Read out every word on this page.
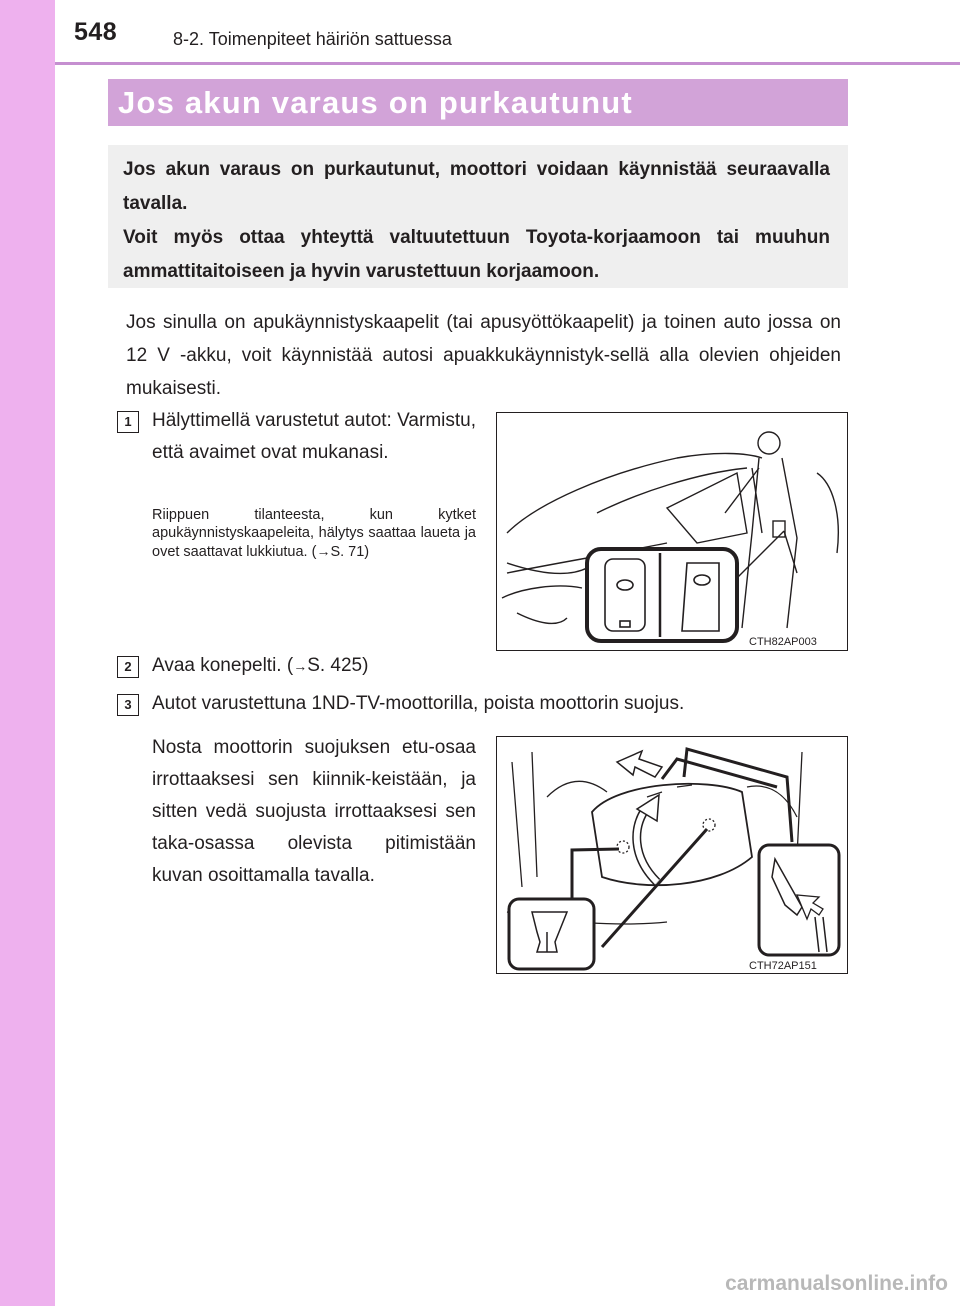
548	8-2. Toimenpiteet häiriön sattuessa
Jos akun varaus on purkautunut

Jos akun varaus on purkautunut, moottori voidaan käynnistää seuraavalla tavalla.

Voit myös ottaa yhteyttä valtuutettuun Toyota-korjaamoon tai muuhun ammattitaitoiseen ja hyvin varustettuun korjaamoon.

Jos sinulla on apukäynnistyskaapelit (tai apusyöttökaapelit) ja toinen auto jossa on 12 V -akku, voit käynnistää autosi apuakkukäynnistyk-sellä alla olevien ohjeiden mukaisesti.

1	Hälyttimellä varustetut autot: Varmistu, että avaimet ovat mukanasi.

Riippuen tilanteesta, kun kytket apukäynnistyskaapeleita, hälytys saattaa laueta ja ovet saattavat lukkiutua. (→S. 71)

CTH82AP003
2	Avaa konepelti. (→S. 425)
3	Autot varustettuna 1ND-TV-moottorilla, poista moottorin suojus.

Nosta moottorin suojuksen etu-osaa irrottaaksesi sen kiinnik-keistään, ja sitten vedä suojusta irrottaaksesi sen taka-osassa olevista pitimistään kuvan osoittamalla tavalla.

CTH72AP151
carmanualsonline.info
